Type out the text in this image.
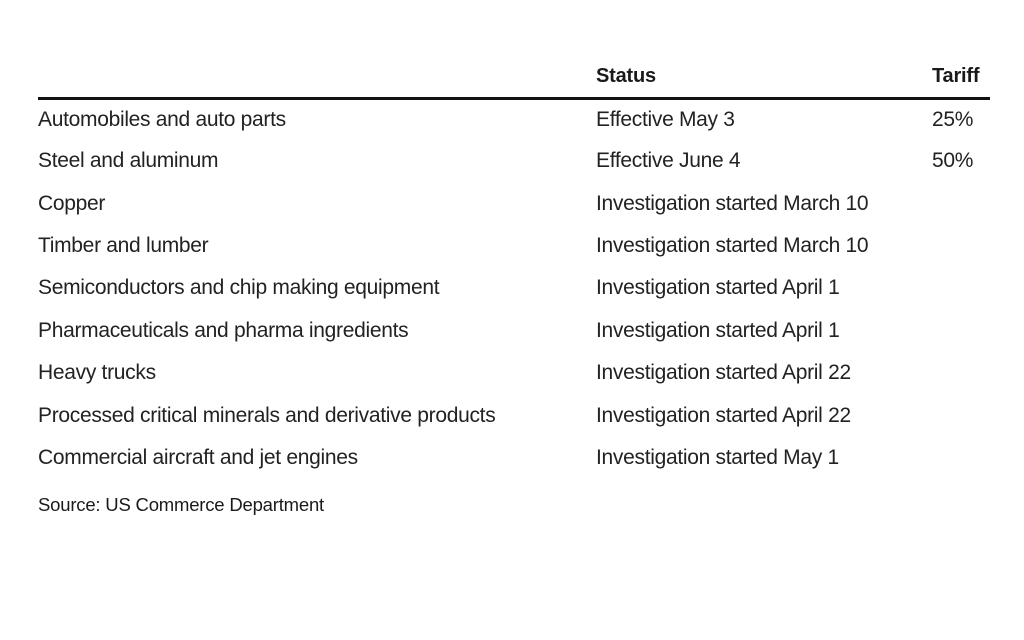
	Status	Tariff
Automobiles and auto parts	Effective May 3	25%
Steel and aluminum	Effective June 4	50%
Copper	Investigation started March 10	
Timber and lumber	Investigation started March 10	
Semiconductors and chip making equipment	Investigation started April 1	
Pharmaceuticals and pharma ingredients	Investigation started April 1	
Heavy trucks	Investigation started April 22	
Processed critical minerals and derivative products	Investigation started April 22	
Commercial aircraft and jet engines	Investigation started May 1	
Source: US Commerce Department
